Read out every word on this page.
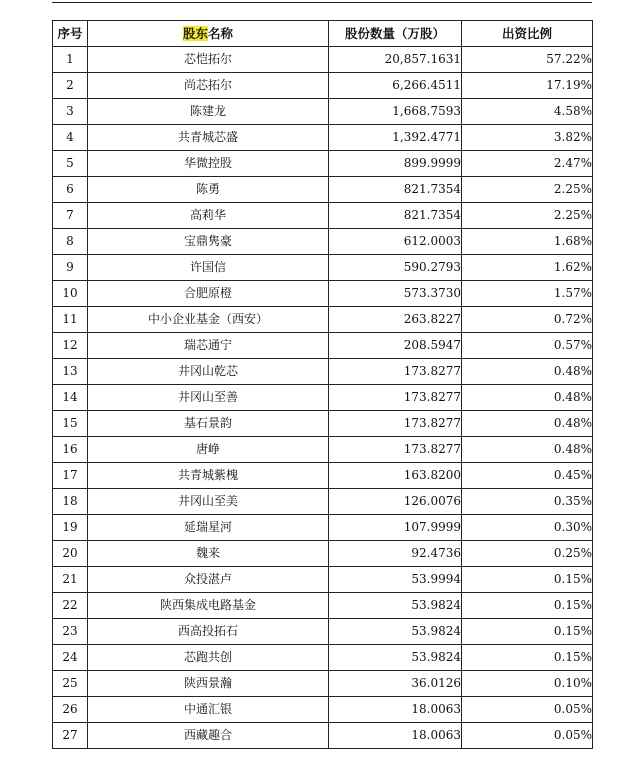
序号	股东名称	股份数量（万股）	出资比例
1	芯恺拓尔	20,857.1631	57.22%
2	尚芯拓尔	6,266.4511	17.19%
3	陈建龙	1,668.7593	4.58%
4	共青城芯盛	1,392.4771	3.82%
5	华微控股	899.9999	2.47%
6	陈勇	821.7354	2.25%
7	高莉华	821.7354	2.25%
8	宝鼎隽豪	612.0003	1.68%
9	许国信	590.2793	1.62%
10	合肥原橙	573.3730	1.57%
11	中小企业基金（西安）	263.8227	0.72%
12	瑞芯通宁	208.5947	0.57%
13	井冈山乾芯	173.8277	0.48%
14	井冈山至善	173.8277	0.48%
15	基石景韵	173.8277	0.48%
16	唐峥	173.8277	0.48%
17	共青城紫槐	163.8200	0.45%
18	井冈山至美	126.0076	0.35%
19	延瑞星河	107.9999	0.30%
20	魏来	92.4736	0.25%
21	众投湛卢	53.9994	0.15%
22	陕西集成电路基金	53.9824	0.15%
23	西高投拓石	53.9824	0.15%
24	芯跑共创	53.9824	0.15%
25	陕西景瀚	36.0126	0.10%
26	中通汇银	18.0063	0.05%
27	西藏趣合	18.0063	0.05%
